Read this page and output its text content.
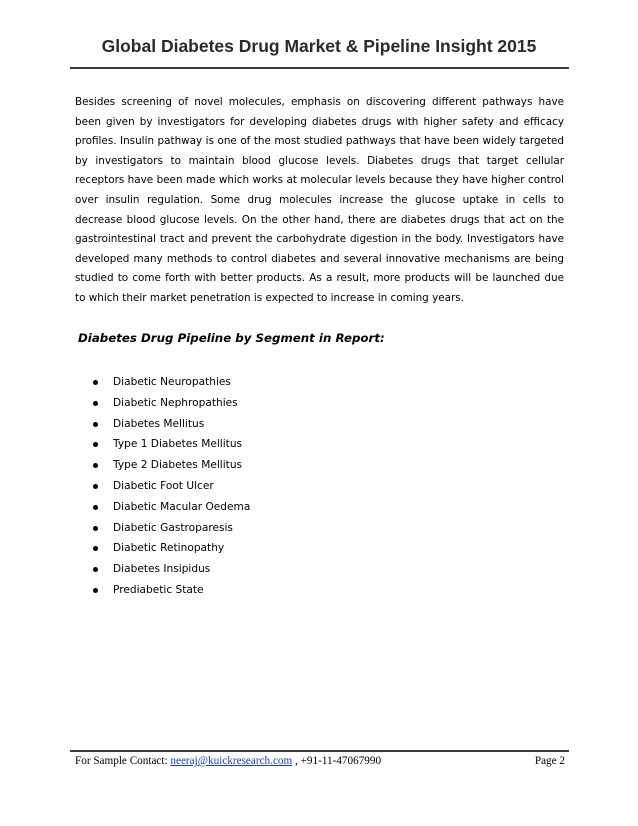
Global Diabetes Drug Market & Pipeline Insight 2015

Besides screening of novel molecules, emphasis on discovering different pathways have been given by investigators for developing diabetes drugs with higher safety and efficacy profiles. Insulin pathway is one of the most studied pathways that have been widely targeted by investigators to maintain blood glucose levels. Diabetes drugs that target cellular receptors have been made which works at molecular levels because they have higher control over insulin regulation. Some drug molecules increase the glucose uptake in cells to decrease blood glucose levels. On the other hand, there are diabetes drugs that act on the gastrointestinal tract and prevent the carbohydrate digestion in the body. Investigators have developed many methods to control diabetes and several innovative mechanisms are being studied to come forth with better products. As a result, more products will be launched due to which their market penetration is expected to increase in coming years.

Diabetes Drug Pipeline by Segment in Report:
Diabetic Neuropathies
Diabetic Nephropathies
Diabetes Mellitus
Type 1 Diabetes Mellitus
Type 2 Diabetes Mellitus
Diabetic Foot Ulcer
Diabetic Macular Oedema
Diabetic Gastroparesis
Diabetic Retinopathy
Diabetes Insipidus
Prediabetic State
For Sample Contact: neeraj@kuickresearch.com , +91-11-47067990	Page 2
